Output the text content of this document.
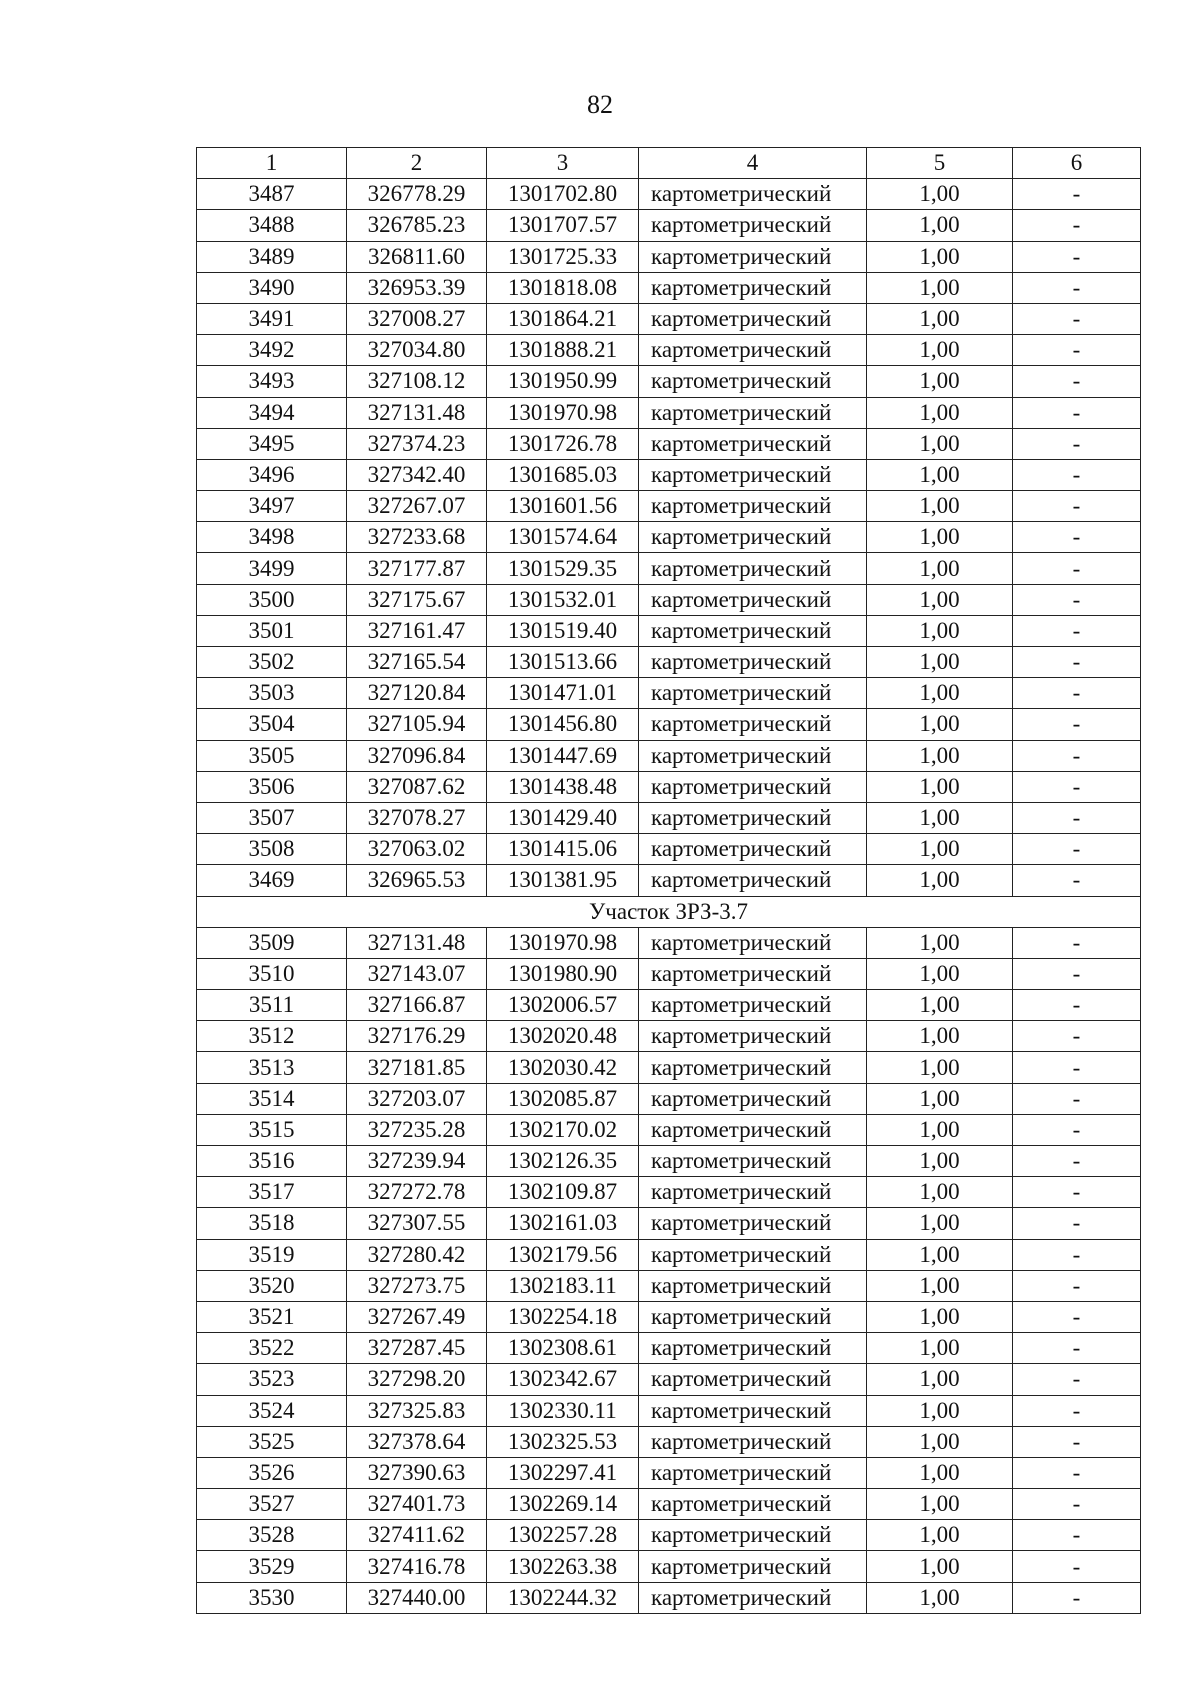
82
1	2	3	4	5	6
3487	326778.29	1301702.80	картометрический	1,00	-
3488	326785.23	1301707.57	картометрический	1,00	-
3489	326811.60	1301725.33	картометрический	1,00	-
3490	326953.39	1301818.08	картометрический	1,00	-
3491	327008.27	1301864.21	картометрический	1,00	-
3492	327034.80	1301888.21	картометрический	1,00	-
3493	327108.12	1301950.99	картометрический	1,00	-
3494	327131.48	1301970.98	картометрический	1,00	-
3495	327374.23	1301726.78	картометрический	1,00	-
3496	327342.40	1301685.03	картометрический	1,00	-
3497	327267.07	1301601.56	картометрический	1,00	-
3498	327233.68	1301574.64	картометрический	1,00	-
3499	327177.87	1301529.35	картометрический	1,00	-
3500	327175.67	1301532.01	картометрический	1,00	-
3501	327161.47	1301519.40	картометрический	1,00	-
3502	327165.54	1301513.66	картометрический	1,00	-
3503	327120.84	1301471.01	картометрический	1,00	-
3504	327105.94	1301456.80	картометрический	1,00	-
3505	327096.84	1301447.69	картометрический	1,00	-
3506	327087.62	1301438.48	картометрический	1,00	-
3507	327078.27	1301429.40	картометрический	1,00	-
3508	327063.02	1301415.06	картометрический	1,00	-
3469	326965.53	1301381.95	картометрический	1,00	-
Участок ЗРЗ-3.7					
3509	327131.48	1301970.98	картометрический	1,00	-
3510	327143.07	1301980.90	картометрический	1,00	-
3511	327166.87	1302006.57	картометрический	1,00	-
3512	327176.29	1302020.48	картометрический	1,00	-
3513	327181.85	1302030.42	картометрический	1,00	-
3514	327203.07	1302085.87	картометрический	1,00	-
3515	327235.28	1302170.02	картометрический	1,00	-
3516	327239.94	1302126.35	картометрический	1,00	-
3517	327272.78	1302109.87	картометрический	1,00	-
3518	327307.55	1302161.03	картометрический	1,00	-
3519	327280.42	1302179.56	картометрический	1,00	-
3520	327273.75	1302183.11	картометрический	1,00	-
3521	327267.49	1302254.18	картометрический	1,00	-
3522	327287.45	1302308.61	картометрический	1,00	-
3523	327298.20	1302342.67	картометрический	1,00	-
3524	327325.83	1302330.11	картометрический	1,00	-
3525	327378.64	1302325.53	картометрический	1,00	-
3526	327390.63	1302297.41	картометрический	1,00	-
3527	327401.73	1302269.14	картометрический	1,00	-
3528	327411.62	1302257.28	картометрический	1,00	-
3529	327416.78	1302263.38	картометрический	1,00	-
3530	327440.00	1302244.32	картометрический	1,00	-
